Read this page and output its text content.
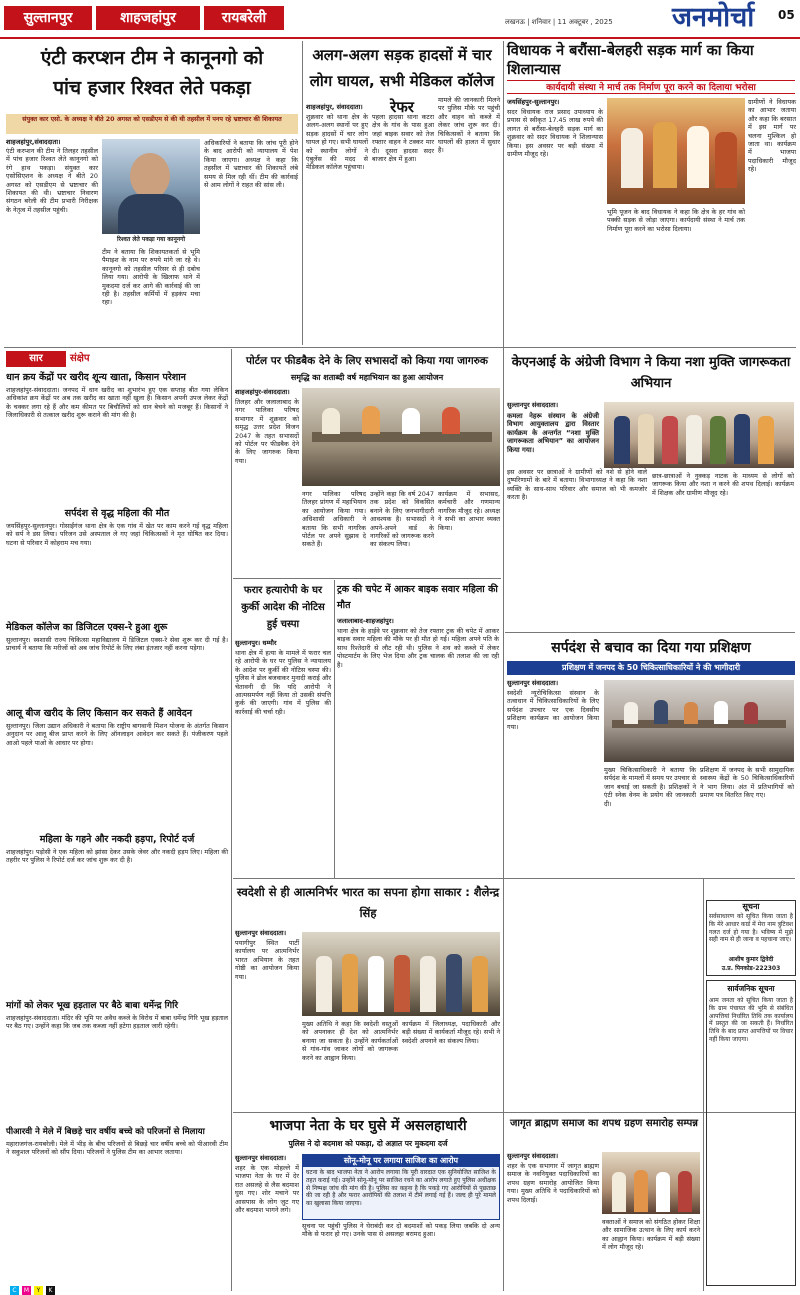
सुल्तानपुर	शाहजहांपुर	रायबरेली	लखनऊ | शनिवार | 11 अक्टूबर , 2025	जनमोर्चा	05
एंटी करप्शन टीम ने कानूनगो को
पांच हजार रिश्वत लेते पकड़ा
संयुक्त कार एसो. के अध्यक्ष ने बीते 20 अगस्त को एसडीएम से की थी तहसील में पनप रहे भ्रष्टाचार की शिकायत
शाहजहांपुर,संवाददाता।
एंटी करप्शन की टीम ने तिलहर तहसील में पांच हजार रिश्वत लेते कानूनगो को रंगे हाथ पकड़ा। संयुक्त कार एसोसिएशन के अध्यक्ष ने बीते 20 अगस्त को एसडीएम से भ्रष्टाचार की शिकायत की थी। भ्रष्टाचार निवारण संगठन बरेली की टीम प्रभारी निरीक्षक के नेतृत्व में तहसील पहुंची।
रिश्वत लेते पकड़ा गया कानूनगो
टीम ने बताया कि शिकायतकर्ता से भूमि पैमाइश के नाम पर रुपये मांगे जा रहे थे। कानूनगो को तहसील परिसर से ही दबोच लिया गया। आरोपी के खिलाफ थाने में मुकदमा दर्ज कर आगे की कार्रवाई की जा रही है। तहसील कर्मियों में हड़कंप मचा रहा।
अधिकारियों ने बताया कि जांच पूरी होने के बाद आरोपी को न्यायालय में पेश किया जाएगा। अध्यक्ष ने कहा कि तहसील में भ्रष्टाचार की शिकायतें लंबे समय से मिल रही थीं। टीम की कार्रवाई से आम लोगों ने राहत की सांस ली।
अलग-अलग सड़क हादसों में चार लोग घायल, सभी मेडिकल कॉलेज रेफर
शाहजहांपुर, संवाददाता।
शुक्रवार को थाना क्षेत्र के अलग-अलग स्थानों पर हुए सड़क हादसों में चार लोग घायल हो गए। सभी घायलों को स्थानीय लोगों ने एंबुलेंस की मदद से मेडिकल कॉलेज पहुंचाया।
पहला हादसा थाना कटरा क्षेत्र के गांव के पास हुआ जहां बाइक सवार को तेज रफ्तार वाहन ने टक्कर मार दी। दूसरा हादसा सदर बाजार क्षेत्र में हुआ।
मामले की जानकारी मिलने पर पुलिस मौके पर पहुंची और वाहन को कब्जे में लेकर जांच शुरू कर दी। चिकित्सकों ने बताया कि घायलों की हालत में सुधार है।
विधायक ने बरौंसा-बेलहरी सड़क मार्ग का किया शिलान्यास
कार्यदायी संस्था ने मार्च तक निर्माण पूरा करने का दिलाया भरोसा
जयसिंहपुर-सुल्तानपुर।
सदर विधायक राज प्रसाद उपाध्याय के प्रयास से स्वीकृत 17.45 लाख रुपये की लागत से बरौंसा-बेलहरी सड़क मार्ग का शुक्रवार को सदर विधायक ने शिलान्यास किया। इस अवसर पर बड़ी संख्या में ग्रामीण मौजूद रहे।
ग्रामीणों ने विधायक का आभार जताया और कहा कि बरसात में इस मार्ग पर चलना मुश्किल हो जाता था। कार्यक्रम में भाजपा पदाधिकारी मौजूद रहे।
भूमि पूजन के बाद विधायक ने कहा कि क्षेत्र के हर गांव को पक्की सड़क से जोड़ा जाएगा। कार्यदायी संस्था ने मार्च तक निर्माण पूरा करने का भरोसा दिलाया।
सार	संक्षेप
धान क्रय केंद्रों पर खरीद शून्य खाता, किसान परेशान
शाहजहांपुर-संवाददाता। जनपद में धान खरीद का शुभारंभ हुए एक सप्ताह बीत गया लेकिन अधिकांश क्रय केंद्रों पर अब तक खरीद का खाता नहीं खुला है। किसान अपनी उपज लेकर केंद्रों के चक्कर लगा रहे हैं और कम कीमत पर बिचौलियों को धान बेचने को मजबूर हैं। किसानों ने जिलाधिकारी से तत्काल खरीद शुरू कराने की मांग की है।
सर्पदंश से वृद्ध महिला की मौत
जयसिंहपुर-सुल्तानपुर। गोसाईंगंज थाना क्षेत्र के एक गांव में खेत पर काम करने गई वृद्ध महिला को सर्प ने डस लिया। परिजन उसे अस्पताल ले गए जहां चिकित्सकों ने मृत घोषित कर दिया। घटना से परिवार में कोहराम मच गया।
मेडिकल कॉलेज का डिजिटल एक्स-रे हुआ शुरू
सुल्तानपुर। स्वशासी राज्य चिकित्सा महाविद्यालय में डिजिटल एक्स-रे सेवा शुरू कर दी गई है। प्राचार्य ने बताया कि मरीजों को अब जांच रिपोर्ट के लिए लंबा इंतजार नहीं करना पड़ेगा।
आलू बीज खरीद के लिए किसान कर सकते हैं आवेदन
सुल्तानपुर। जिला उद्यान अधिकारी ने बताया कि राष्ट्रीय बागवानी मिशन योजना के अंतर्गत किसान अनुदान पर आलू बीज प्राप्त करने के लिए ऑनलाइन आवेदन कर सकते हैं। पंजीकरण पहले आओ पहले पाओ के आधार पर होगा।
महिला के गहने और नकदी हड़पा, रिपोर्ट दर्ज
शाहजहांपुर। पड़ोसी ने एक महिला को झांसा देकर उसके जेवर और नकदी हड़प लिए। महिला की तहरीर पर पुलिस ने रिपोर्ट दर्ज कर जांच शुरू कर दी है।
मांगों को लेकर भूख हड़ताल पर बैठे बाबा धर्मेन्द्र गिरि
शाहजहांपुर-संवाददाता। मंदिर की भूमि पर अवैध कब्जे के विरोध में बाबा धर्मेन्द्र गिरि भूख हड़ताल पर बैठ गए। उन्होंने कहा कि जब तक कब्जा नहीं हटेगा हड़ताल जारी रहेगी।
पीआरवी ने मेले में बिछड़े चार वर्षीय बच्चे को परिजनों से मिलाया
महाराजगंज-रायबरेली। मेले में भीड़ के बीच परिजनों से बिछड़े चार वर्षीय बच्चे को पीआरवी टीम ने सकुशल परिजनों को सौंप दिया। परिजनों ने पुलिस टीम का आभार जताया।
पोर्टल पर फीडबैक देने के लिए सभासदों को किया गया जागरुक
समृद्धि का शताब्दी वर्ष महाभियान का हुआ आयोजन
शाहजहांपुर-संवाददाता।
तिलहर और जलालाबाद के नगर पालिका परिषद सभागार में शुक्रवार को समृद्ध उत्तर प्रदेश विजन 2047 के तहत सभासदों को पोर्टल पर फीडबैक देने के लिए जागरुक किया गया।
नगर पालिका परिषद तिलहर प्रांगण में महाभियान का आयोजन किया गया। अधिशासी अधिकारी ने बताया कि सभी नागरिक पोर्टल पर अपने सुझाव दे सकते हैं।
उन्होंने कहा कि वर्ष 2047 तक प्रदेश को विकसित बनाने के लिए जनभागीदारी आवश्यक है। सभासदों ने अपने-अपने वार्ड के नागरिकों को जागरूक करने का संकल्प लिया।
कार्यक्रम में सभासद, कर्मचारी और गणमान्य नागरिक मौजूद रहे। अध्यक्ष ने सभी का आभार व्यक्त किया।
फरार हत्यारोपी के घर कुर्की आदेश की नोटिस हुई चस्पा
सुल्तानपुर। धम्मौर
थाना क्षेत्र में हत्या के मामले में फरार चल रहे आरोपी के घर पर पुलिस ने न्यायालय के आदेश पर कुर्की की नोटिस चस्पा की। पुलिस ने ढोल बजवाकर मुनादी कराई और चेतावनी दी कि यदि आरोपी ने आत्मसमर्पण नहीं किया तो उसकी संपत्ति कुर्क की जाएगी। गांव में पुलिस की कार्रवाई की चर्चा रही।
ट्रक की चपेट में आकर बाइक सवार महिला की मौत
जलालाबाद-शाहजहांपुर।
थाना क्षेत्र के हाईवे पर शुक्रवार को तेज रफ्तार ट्रक की चपेट में आकर बाइक सवार महिला की मौके पर ही मौत हो गई। महिला अपने पति के साथ रिश्तेदारी से लौट रही थी। पुलिस ने शव को कब्जे में लेकर पोस्टमार्टम के लिए भेज दिया और ट्रक चालक की तलाश की जा रही है।
केएनआई के अंग्रेजी विभाग ने किया नशा मुक्ति जागरूकता अभियान
सुल्तानपुर संवाददाता।
कमला नेहरू संस्थान के अंग्रेजी विभाग आयुक्तालय द्वारा विस्तार कार्यक्रम के अन्तर्गत “नशा मुक्ति जागरूकता अभियान” का आयोजन किया गया।
इस अवसर पर छात्राओं ने ग्रामीणों को नशे से होने वाले दुष्परिणामों के बारे में बताया। विभागाध्यक्ष ने कहा कि नशा व्यक्ति के साथ-साथ परिवार और समाज को भी कमजोर करता है।
छात्र-छात्राओं ने नुक्कड़ नाटक के माध्यम से लोगों को जागरूक किया और नशा न करने की शपथ दिलाई। कार्यक्रम में शिक्षक और ग्रामीण मौजूद रहे।
सर्पदंश से बचाव का दिया गया प्रशिक्षण
प्रशिक्षण में जनपद के 50 चिकित्साधिकारियों ने की भागीदारी
सुल्तानपुर संवाददाता।
स्वदेशी न्यूरोचिकित्सा संस्थान के तत्वाधान में चिकित्साधिकारियों के लिए सर्पदंश उपचार पर एक दिवसीय प्रशिक्षण कार्यक्रम का आयोजन किया गया।
मुख्य चिकित्साधिकारी ने बताया कि सर्पदंश के मामलों में समय पर उपचार से जान बचाई जा सकती है। प्रशिक्षकों ने एंटी स्नेक वेनम के प्रयोग की जानकारी दी।
प्रशिक्षण में जनपद के सभी सामुदायिक स्वास्थ्य केंद्रों के 50 चिकित्साधिकारियों ने भाग लिया। अंत में प्रतिभागियों को प्रमाण पत्र वितरित किए गए।
स्वदेशी से ही आत्मनिर्भर भारत का सपना होगा साकार : शैलेन्द्र सिंह
सुल्तानपुर संवाददाता।
पयागीपुर स्थित पार्टी कार्यालय पर आत्मनिर्भर भारत अभियान के तहत गोष्ठी का आयोजन किया गया।
मुख्य अतिथि ने कहा कि स्वदेशी वस्तुओं को अपनाकर ही देश को आत्मनिर्भर बनाया जा सकता है। उन्होंने कार्यकर्ताओं से गांव-गांव जाकर लोगों को जागरूक करने का आह्वान किया।
कार्यक्रम में जिलाध्यक्ष, पदाधिकारी और बड़ी संख्या में कार्यकर्ता मौजूद रहे। सभी ने स्वदेशी अपनाने का संकल्प लिया।
भाजपा नेता के घर घुसे में असलहाधारी
पुलिस ने दो बदमाश को पकड़ा, दो अज्ञात पर मुकदमा दर्ज
सुल्तानपुर संवाददाता।
शहर के एक मोहल्ले में भाजपा नेता के घर में देर रात असलहे से लैस बदमाश घुस गए। शोर मचाने पर आसपास के लोग जुट गए और बदमाश भागने लगे।
सूचना पर पहुंची पुलिस ने घेराबंदी कर दो बदमाशों को पकड़ लिया जबकि दो अन्य मौके से फरार हो गए। उनके पास से असलहा बरामद हुआ।
सोनू-मोनू पर लगाया साजिश का आरोप
घटना के बाद भाजपा नेता ने आरोप लगाया कि पूरी वारदात एक सुनियोजित साजिश के तहत कराई गई। उन्होंने सोनू-मोनू पर साजिश रचने का आरोप लगाते हुए पुलिस अधीक्षक से निष्पक्ष जांच की मांग की है। पुलिस का कहना है कि पकड़े गए आरोपियों से पूछताछ की जा रही है और फरार आरोपियों की तलाश में टीमें लगाई गई हैं। जल्द ही पूरे मामले का खुलासा किया जाएगा।
जागृत ब्राह्मण समाज का शपथ ग्रहण समारोह सम्पन्न
सुल्तानपुर संवाददाता।
शहर के एक सभागार में जागृत ब्राह्मण समाज के नवनियुक्त पदाधिकारियों का शपथ ग्रहण समारोह आयोजित किया गया। मुख्य अतिथि ने पदाधिकारियों को शपथ दिलाई।
वक्ताओं ने समाज को संगठित होकर शिक्षा और सामाजिक उत्थान के लिए कार्य करने का आह्वान किया। कार्यक्रम में बड़ी संख्या में लोग मौजूद रहे।
सूचना
सर्वसाधारण को सूचित किया जाता है कि मेरे आधार कार्ड में मेरा नाम त्रुटिवश गलत दर्ज हो गया है। भविष्य में मुझे सही नाम से ही जाना व पहचाना जाए।
आशीष कुमार द्विवेदी
उ.प्र. पिनकोड-222303
सार्वजनिक सूचना
आम जनता को सूचित किया जाता है कि ग्राम पंचायत की भूमि से संबंधित आपत्तियां निर्धारित तिथि तक कार्यालय में प्रस्तुत की जा सकती हैं। निर्धारित तिथि के बाद प्राप्त आपत्तियों पर विचार नहीं किया जाएगा।
C	M	Y	K
